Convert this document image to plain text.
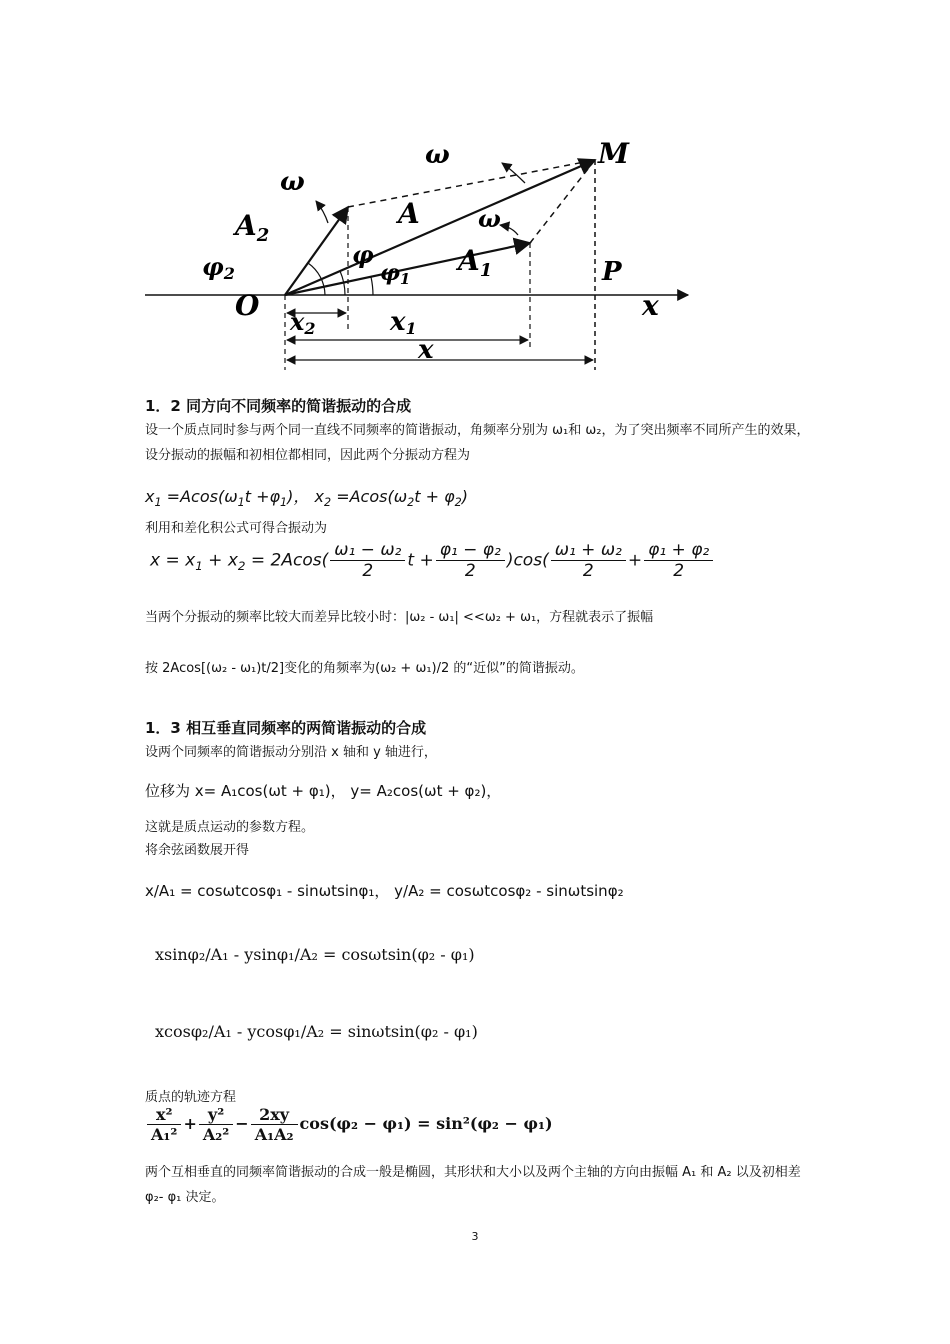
ω	M
ω
$A_2$
A ω
φ	$A_1$
φ2	φ1	P
O	x
x2	x1
x
1．2 同方向不同频率的简谐振动的合成
设一个质点同时参与两个同一直线不同频率的简谐振动，角频率分别为 ω₁和 ω₂，为了突出频率不同所产生的效果，设分振动的振幅和初相位都相同，因此两个分振动方程为
$x_1 =Acos(\omega_1t +\varphi_1)$， $x_2 =Acos(\omega_2t + \varphi_2)$
利用和差化积公式可得合振动为
$x = x_1 + x_2 = 2Acos( \frac{\text{ω₁ − ω₂}}{2}$ $t + \frac{\text{φ₁ − φ₂}}{2} )\cos( \frac{\text{ω₁ + ω₂}}{2} + \frac{\text{φ₁ + φ₂}}{2}$
当两个分振动的频率比较大而差异比较小时：|ω₂ - ω₁| <<ω₂ + ω₁，方程就表示了振幅
按 2Acos[(ω₂ - ω₁)t/2]变化的角频率为(ω₂ + ω₁)/2 的“近似”的简谐振动。
1．3 相互垂直同频率的两简谐振动的合成
设两个同频率的简谐振动分别沿 x 轴和 y 轴进行，
位移为 x= A₁cos(ωt + φ₁)， y= A₂cos(ωt + φ₂)，
这就是质点运动的参数方程。
将余弦函数展开得
x/A₁ = cosωtcosφ₁ - sinωtsinφ₁， y/A₂ = cosωtcosφ₂ - sinωtsinφ₂
xsinφ₂/A₁ - ysinφ₁/A₂ = cosωtsin(φ₂ - φ₁)
xcosφ₂/A₁ - ycosφ₁/A₂ = sinωtsin(φ₂ - φ₁)
质点的轨迹方程
$\frac{\text{x²}}{\text{A₁²}} + \frac{\text{y²}}{\text{A₂²}} - \frac{2xy}{\text{A₁A₂}} \cos(\varphi_2 - \varphi_1) = \sin^2(\varphi_2 - \varphi_1)$
两个互相垂直的同频率简谐振动的合成一般是椭圆，其形状和大小以及两个主轴的方向由振幅 A₁ 和 A₂ 以及初相差 φ₂- φ₁ 决定。
3
